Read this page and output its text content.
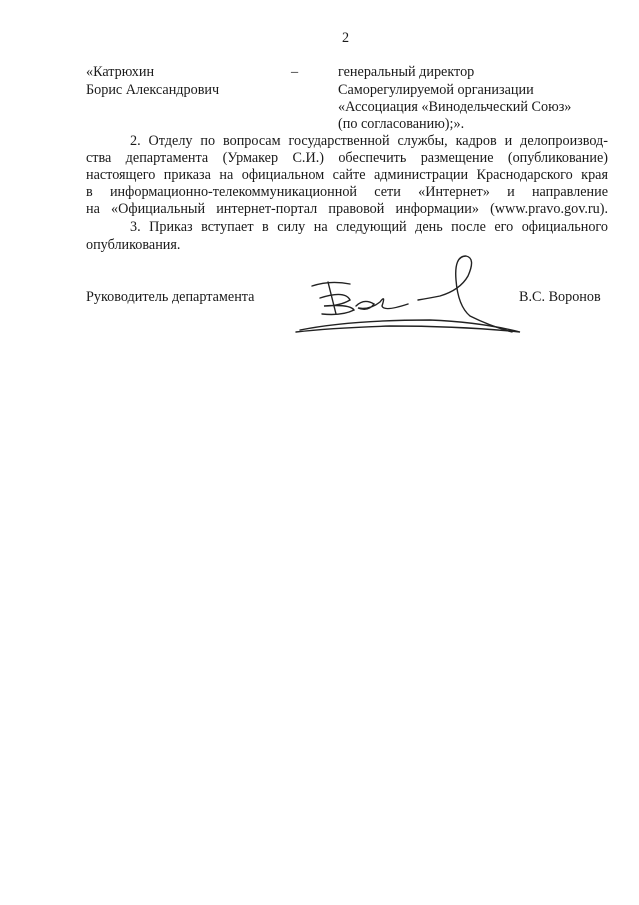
2
«Катрюхин
Борис Александрович
–	генеральный директор
Саморегулируемой организации
«Ассоциация «Винодельческий Союз»
(по согласованию);».
2. Отделу по вопросам государственной службы, кадров и делопроизвод-
ства департамента (Урмакер С.И.) обеспечить размещение (опубликование)
настоящего приказа на официальном сайте администрации Краснодарского края
в информационно-телекоммуникационной сети «Интернет» и направление
на «Официальный интернет-портал правовой информации» (www.pravo.gov.ru).
3. Приказ вступает в силу на следующий день после его официального
опубликования.
Руководитель департамента	В.С. Воронов
